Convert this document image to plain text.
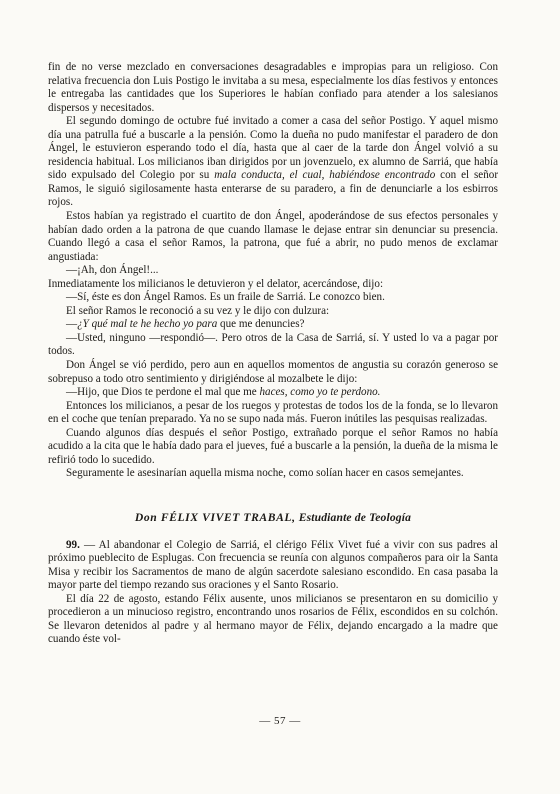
fin de no verse mezclado en conversaciones desagradables e impropias para un religioso. Con relativa frecuencia don Luis Postigo le invitaba a su mesa, especialmente los días festivos y entonces le entregaba las cantidades que los Superiores le habían confiado para atender a los salesianos dispersos y necesitados.

El segundo domingo de octubre fué invitado a comer a casa del señor Postigo. Y aquel mismo día una patrulla fué a buscarle a la pensión. Como la dueña no pudo manifestar el paradero de don Ángel, le estuvieron esperando todo el día, hasta que al caer de la tarde don Ángel volvió a su residencia habitual. Los milicianos iban dirigidos por un jovenzuelo, ex alumno de Sarriá, que había sido expulsado del Colegio por su mala conducta, el cual, habiéndose encontrado con el señor Ramos, le siguió sigilosamente hasta enterarse de su paradero, a fin de denunciarle a los esbirros rojos.

Estos habían ya registrado el cuartito de don Ángel, apoderándose de sus efectos personales y habían dado orden a la patrona de que cuando llamase le dejase entrar sin denunciar su presencia. Cuando llegó a casa el señor Ramos, la patrona, que fué a abrir, no pudo menos de exclamar angustiada:

—¡Ah, don Ángel!...

Inmediatamente los milicianos le detuvieron y el delator, acercándose, dijo:

—Sí, éste es don Ángel Ramos. Es un fraile de Sarriá. Le conozco bien.

El señor Ramos le reconoció a su vez y le dijo con dulzura:

—¿Y qué mal te he hecho yo para que me denuncies?

—Usted, ninguno —respondió—. Pero otros de la Casa de Sarriá, sí. Y usted lo va a pagar por todos.

Don Ángel se vió perdido, pero aun en aquellos momentos de angustia su corazón generoso se sobrepuso a todo otro sentimiento y dirigiéndose al mozalbete le dijo:

—Hijo, que Dios te perdone el mal que me haces, como yo te perdono.

Entonces los milicianos, a pesar de los ruegos y protestas de todos los de la fonda, se lo llevaron en el coche que tenían preparado. Ya no se supo nada más. Fueron inútiles las pesquisas realizadas.

Cuando algunos días después el señor Postigo, extrañado porque el señor Ramos no había acudido a la cita que le había dado para el jueves, fué a buscarle a la pensión, la dueña de la misma le refirió todo lo sucedido.

Seguramente le asesinarían aquella misma noche, como solían hacer en casos semejantes.

Don FÉLIX VIVET TRABAL, Estudiante de Teología

99. — Al abandonar el Colegio de Sarriá, el clérigo Félix Vivet fué a vivir con sus padres al próximo pueblecito de Esplugas. Con frecuencia se reunía con algunos compañeros para oir la Santa Misa y recibir los Sacramentos de mano de algún sacerdote salesiano escondido. En casa pasaba la mayor parte del tiempo rezando sus oraciones y el Santo Rosario.

El día 22 de agosto, estando Félix ausente, unos milicianos se presentaron en su domicilio y procedieron a un minucioso registro, encontrando unos rosarios de Félix, escondidos en su colchón. Se llevaron detenidos al padre y al hermano mayor de Félix, dejando encargado a la madre que cuando éste vol-

— 57 —
